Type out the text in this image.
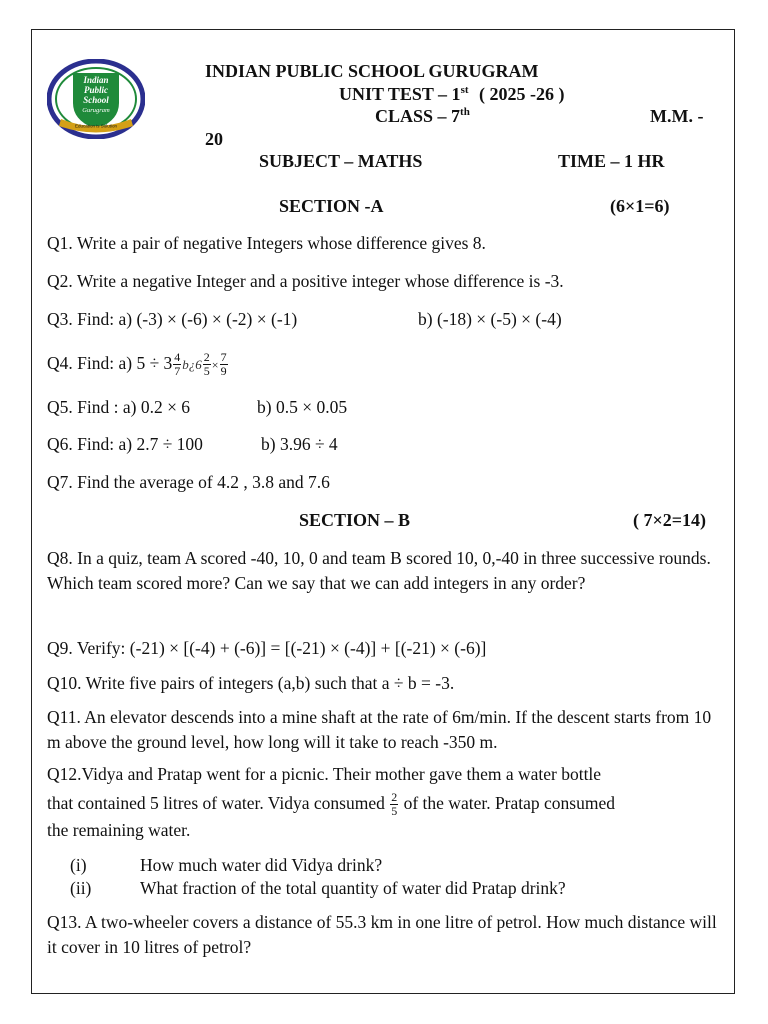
Indian
Public
School
Gurugram
Education is Solution
INDIAN PUBLIC SCHOOL GURUGRAM
UNIT TEST – 1st ( 2025 -26 )
CLASS – 7th	M.M. -
20
SUBJECT – MATHS	TIME – 1 HR
SECTION -A	(6×1=6)
Q1. Write a pair of negative Integers whose difference gives 8.
Q2. Write a negative Integer and a positive integer whose difference is -3.
Q3. Find: a) (-3) × (-6) × (-2) × (-1)	b) (-18) × (-5) × (-4)
Q4. Find: a) $5 \div 3 \frac{4}{7}$ b¿6 $\frac{2}{5} \times \frac{7}{9}$
Q5. Find : a) 0.2 × 6	b) 0.5 × 0.05
Q6. Find: a) 2.7 ÷ 100	b) 3.96 ÷ 4
Q7. Find the average of 4.2 , 3.8 and 7.6
SECTION – B	( 7×2=14)
Q8. In a quiz, team A scored -40, 10, 0 and team B scored 10, 0,-40 in three successive rounds. Which team scored more? Can we say that we can add integers in any order?
Q9. Verify: (-21) × [(-4) + (-6)] = [(-21) × (-4)] + [(-21) × (-6)]
Q10. Write five pairs of integers (a,b) such that a ÷ b = -3.
Q11. An elevator descends into a mine shaft at the rate of 6m/min. If the descent starts from 10 m above the ground level, how long will it take to reach -350 m.
Q12.Vidya and Pratap went for a picnic. Their mother gave them a water bottle
that contained 5 litres of water. Vidya consumed $\frac{2}{5}$ of the water. Pratap consumed
the remaining water.
(i)	How much water did Vidya drink?
(ii)	What fraction of the total quantity of water did Pratap drink?
Q13. A two-wheeler covers a distance of 55.3 km in one litre of petrol. How much distance will it cover in 10 litres of petrol?
